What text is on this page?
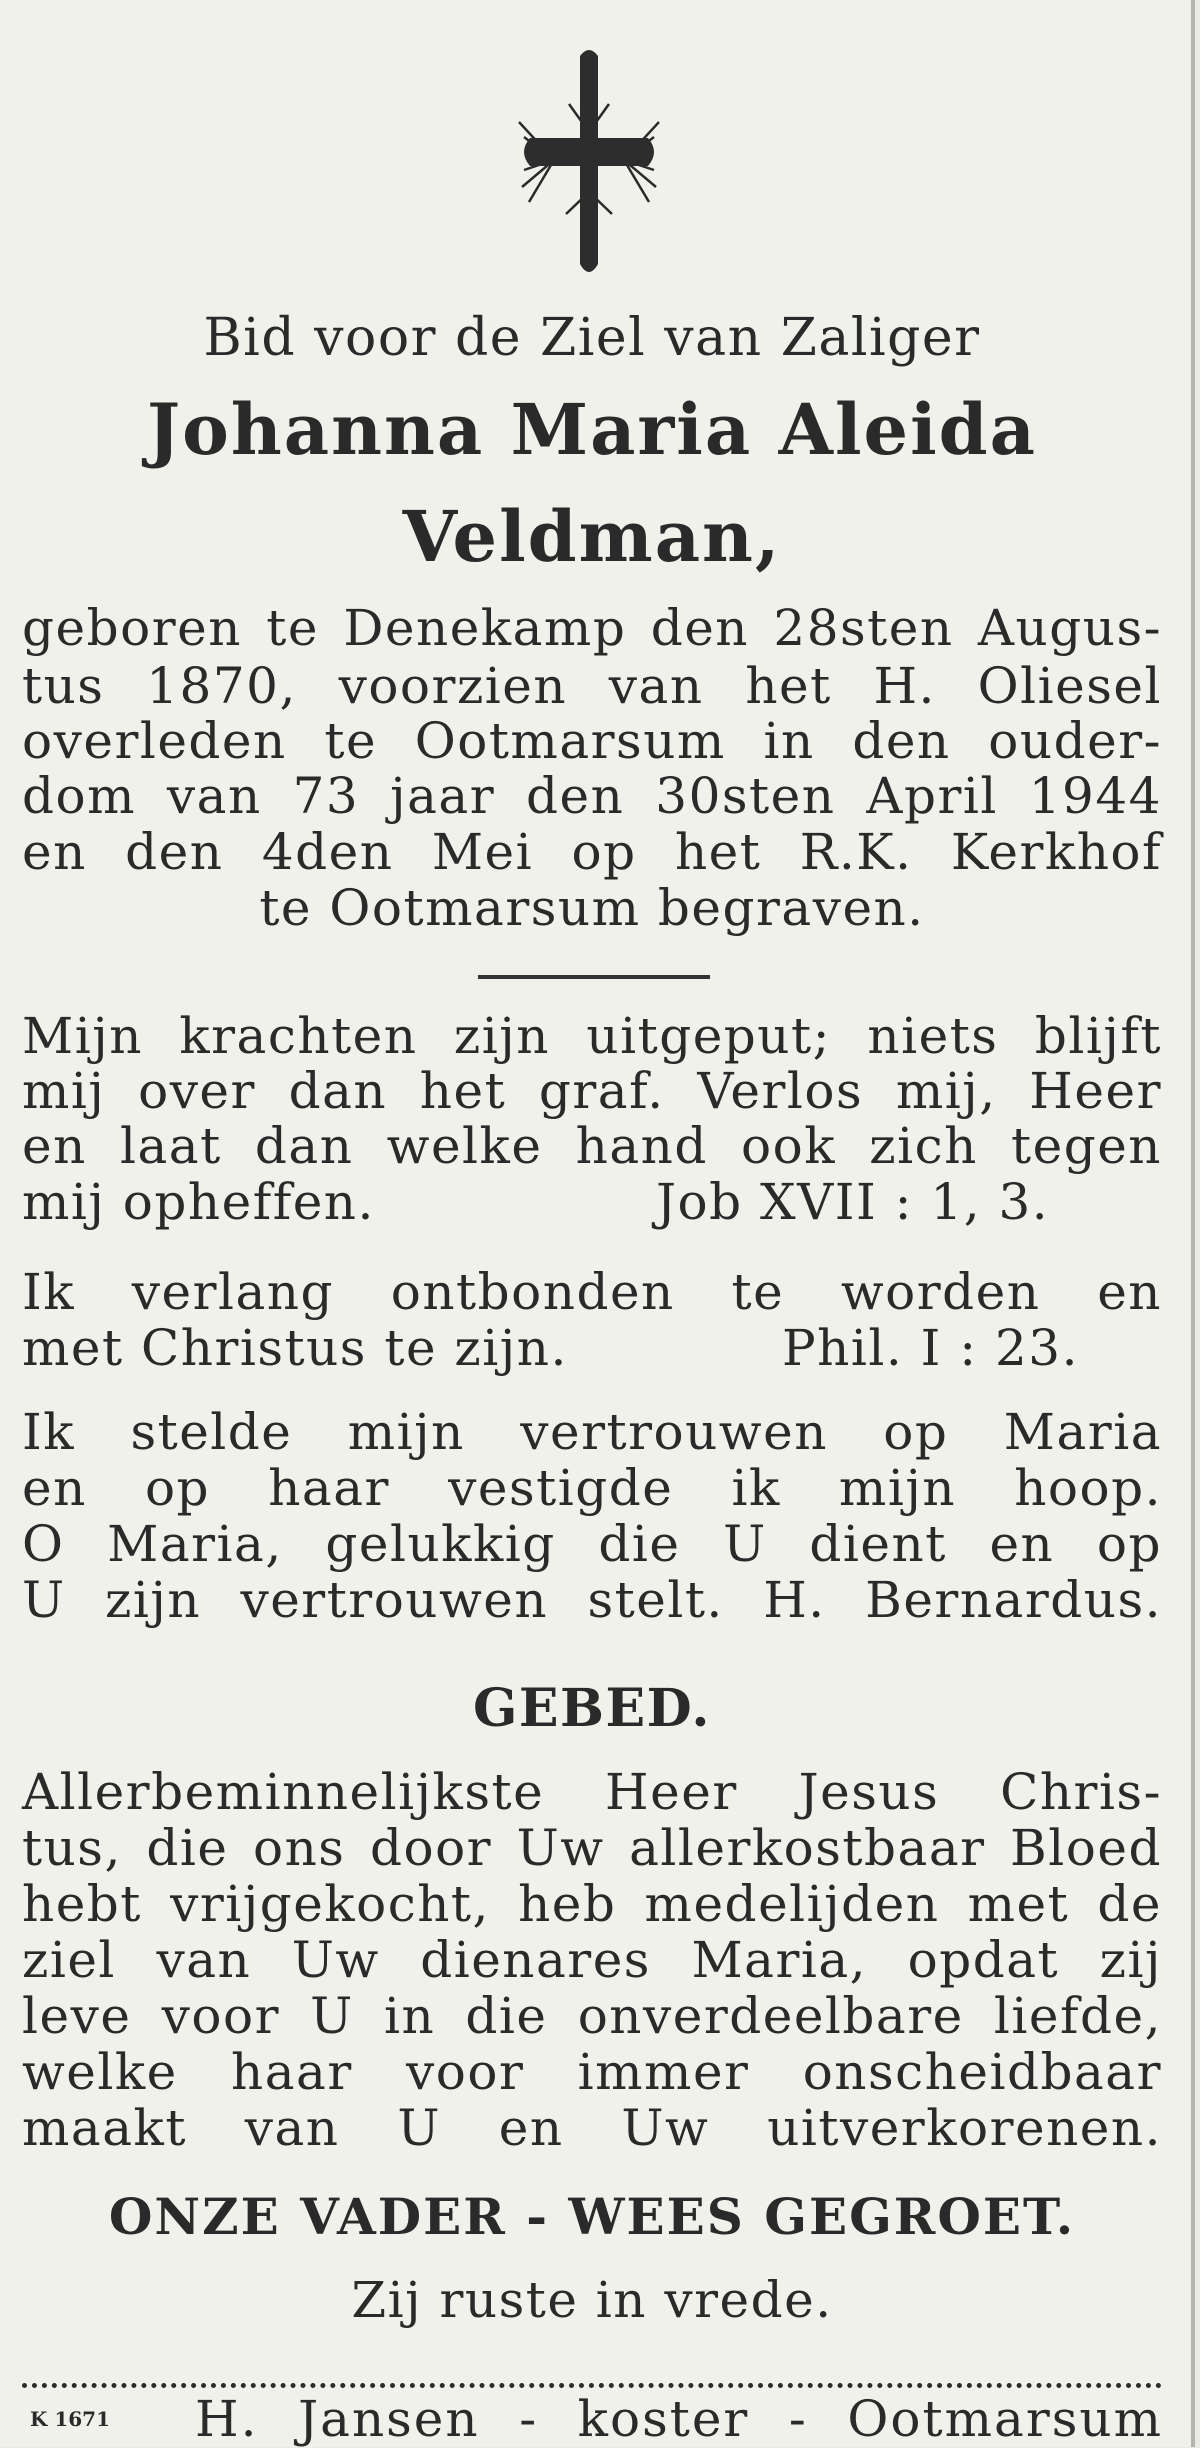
Bid voor de Ziel van Zaliger
Johanna Maria Aleida
Veldman,
geboren te Denekamp den 28sten Augus-
tus 1870, voorzien van het H. Oliesel
overleden te Ootmarsum in den ouder-
dom van 73 jaar den 30sten April 1944
en den 4den Mei op het R.K. Kerkhof
te Ootmarsum begraven.
Mijn krachten zijn uitgeput; niets blijft
mij over dan het graf. Verlos mij, Heer
en laat dan welke hand ook zich tegen
mij opheffen.	Job XVII : 1, 3.
Ik verlang ontbonden te worden en
met Christus te zijn.	Phil. I : 23.
Ik stelde mijn vertrouwen op Maria
en op haar vestigde ik mijn hoop.
O Maria, gelukkig die U dient en op
U zijn vertrouwen stelt. H. Bernardus.
GEBED.
Allerbeminnelijkste Heer Jesus Chris-
tus, die ons door Uw allerkostbaar Bloed
hebt vrijgekocht, heb medelijden met de
ziel van Uw dienares Maria, opdat zij
leve voor U in die onverdeelbare liefde,
welke haar voor immer onscheidbaar
maakt van U en Uw uitverkorenen.
ONZE VADER - WEES GEGROET.
Zij ruste in vrede.
K 1671 H. Jansen - koster - Ootmarsum
